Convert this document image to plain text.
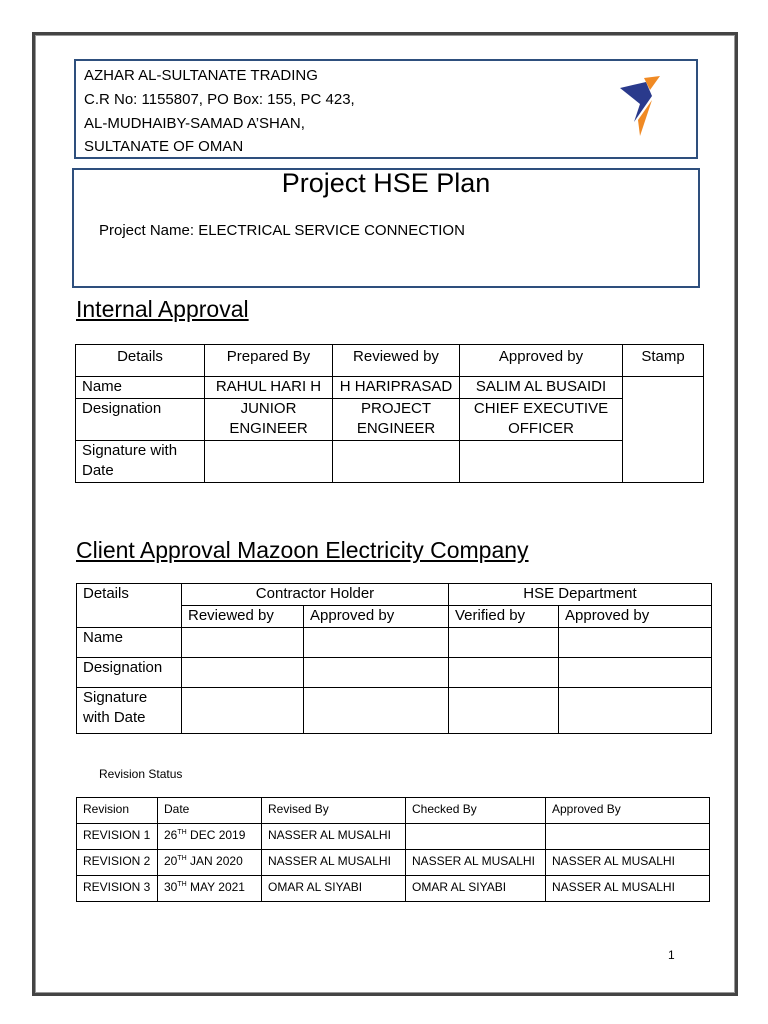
AZHAR AL-SULTANATE TRADING
C.R No: 1155807, PO Box: 155, PC 423,
AL-MUDHAIBY-SAMAD A’SHAN,
SULTANATE OF OMAN
Project HSE Plan
Project Name: ELECTRICAL SERVICE CONNECTION
Internal Approval
Details	Prepared By	Reviewed by	Approved by	Stamp
Name	RAHUL HARI H	H HARIPRASAD	SALIM AL BUSAIDI	
Designation	JUNIOR ENGINEER	PROJECT ENGINEER	CHIEF EXECUTIVE OFFICER	
Signature with Date				
Client Approval Mazoon Electricity Company
Details	Contractor Holder		HSE Department	
	Reviewed by	Approved by	Verified by	Approved by
Name				
Designation				
Signature with Date				
Revision Status
Revision	Date	Revised By	Checked By	Approved By
REVISION 1	26TH DEC 2019	NASSER AL MUSALHI		
REVISION 2	20TH JAN 2020	NASSER AL MUSALHI	NASSER AL MUSALHI	NASSER AL MUSALHI
REVISION 3	30TH MAY 2021	OMAR AL SIYABI	OMAR AL SIYABI	NASSER AL MUSALHI
1
